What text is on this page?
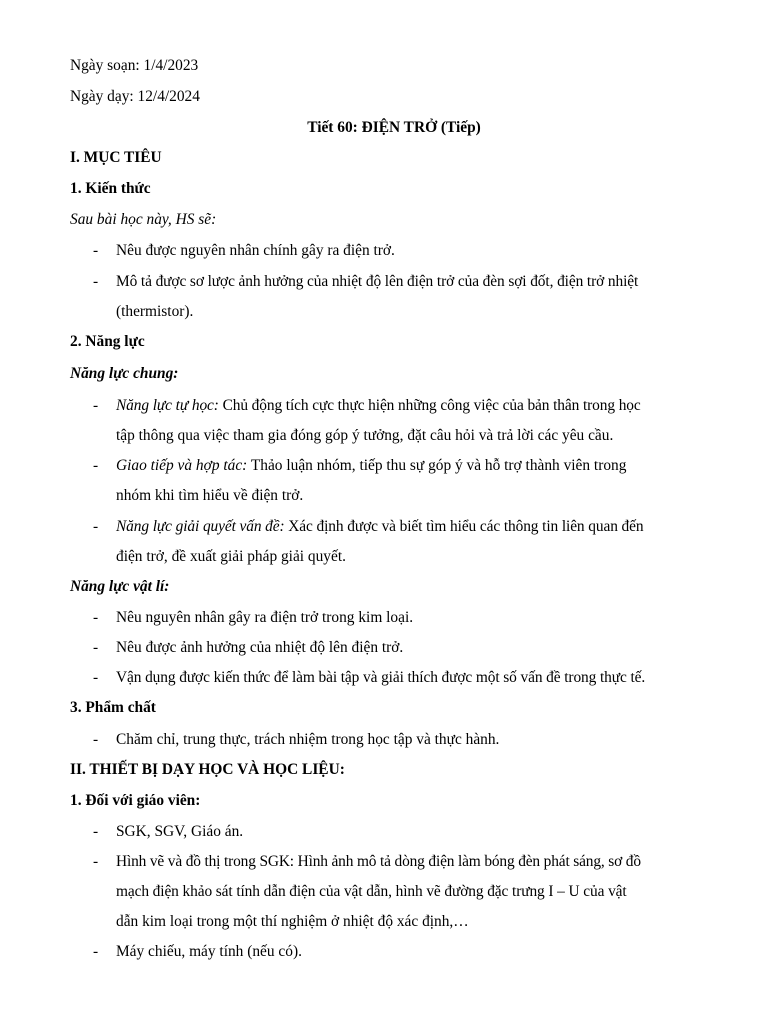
Ngày soạn: 1/4/2023
Ngày dạy: 12/4/2024
Tiết 60: ĐIỆN TRỞ (Tiếp)
I. MỤC TIÊU
1. Kiến thức
Sau bài học này, HS sẽ:
-	Nêu được nguyên nhân chính gây ra điện trở.
-	Mô tả được sơ lược ảnh hưởng của nhiệt độ lên điện trở của đèn sợi đốt, điện trở nhiệt
(thermistor).
2. Năng lực
Năng lực chung:
-	Năng lực tự học: Chủ động tích cực thực hiện những công việc của bản thân trong học
tập thông qua việc tham gia đóng góp ý tưởng, đặt câu hỏi và trả lời các yêu cầu.
-	Giao tiếp và hợp tác: Thảo luận nhóm, tiếp thu sự góp ý và hỗ trợ thành viên trong
nhóm khi tìm hiểu về điện trở.
-	Năng lực giải quyết vấn đề: Xác định được và biết tìm hiểu các thông tin liên quan đến
điện trở, đề xuất giải pháp giải quyết.
Năng lực vật lí:
-	Nêu nguyên nhân gây ra điện trở trong kim loại.
-	Nêu được ảnh hưởng của nhiệt độ lên điện trở.
-	Vận dụng được kiến thức để làm bài tập và giải thích được một số vấn đề trong thực tế.
3. Phẩm chất
-	Chăm chỉ, trung thực, trách nhiệm trong học tập và thực hành.
II. THIẾT BỊ DẠY HỌC VÀ HỌC LIỆU:
1. Đối với giáo viên:
-	SGK, SGV, Giáo án.
-	Hình vẽ và đồ thị trong SGK: Hình ảnh mô tả dòng điện làm bóng đèn phát sáng, sơ đồ
mạch điện khảo sát tính dẫn điện của vật dẫn, hình vẽ đường đặc trưng I – U của vật
dẫn kim loại trong một thí nghiệm ở nhiệt độ xác định,…
-	Máy chiếu, máy tính (nếu có).
